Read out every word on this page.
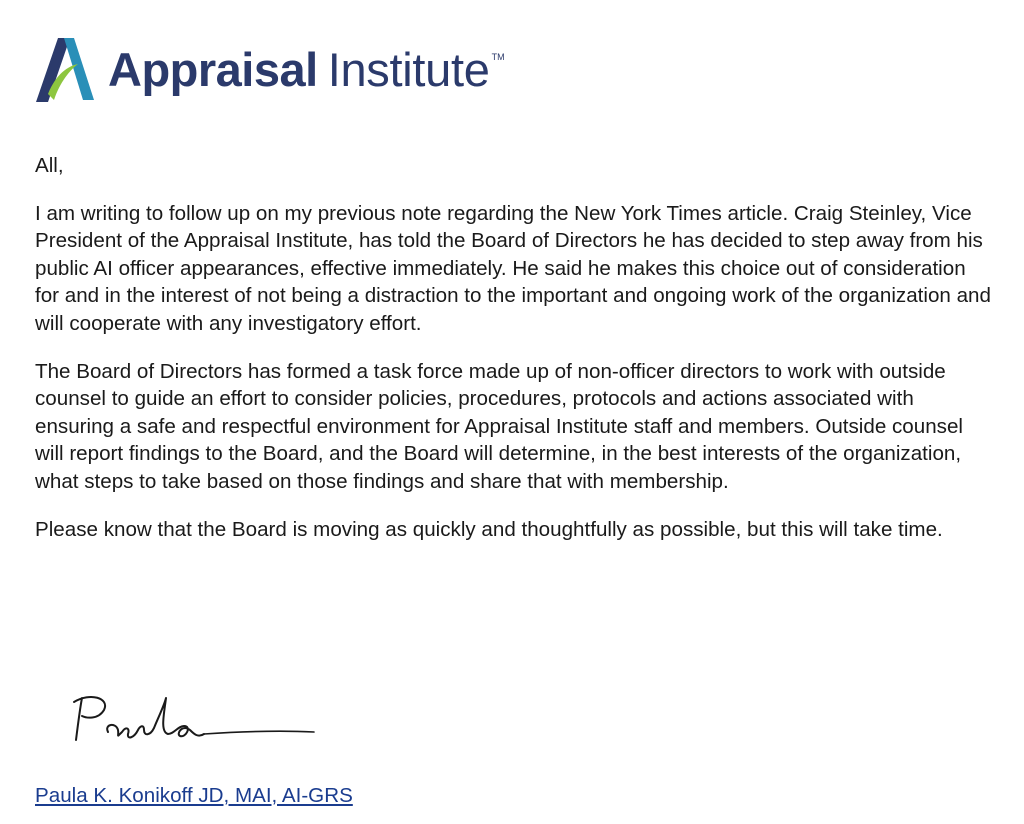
Appraisal Institute TM

All,

I am writing to follow up on my previous note regarding the New York Times article. Craig Steinley, Vice President of the Appraisal Institute, has told the Board of Directors he has decided to step away from his public AI officer appearances, effective immediately. He said he makes this choice out of consideration for and in the interest of not being a distraction to the important and ongoing work of the organization and will cooperate with any investigatory effort.

The Board of Directors has formed a task force made up of non-officer directors to work with outside counsel to guide an effort to consider policies, procedures, protocols and actions associated with ensuring a safe and respectful environment for Appraisal Institute staff and members. Outside counsel will report findings to the Board, and the Board will determine, in the best interests of the organization, what steps to take based on those findings and share that with membership.

Please know that the Board is moving as quickly and thoughtfully as possible, but this will take time.

Paula K. Konikoff JD, MAI, AI-GRS
